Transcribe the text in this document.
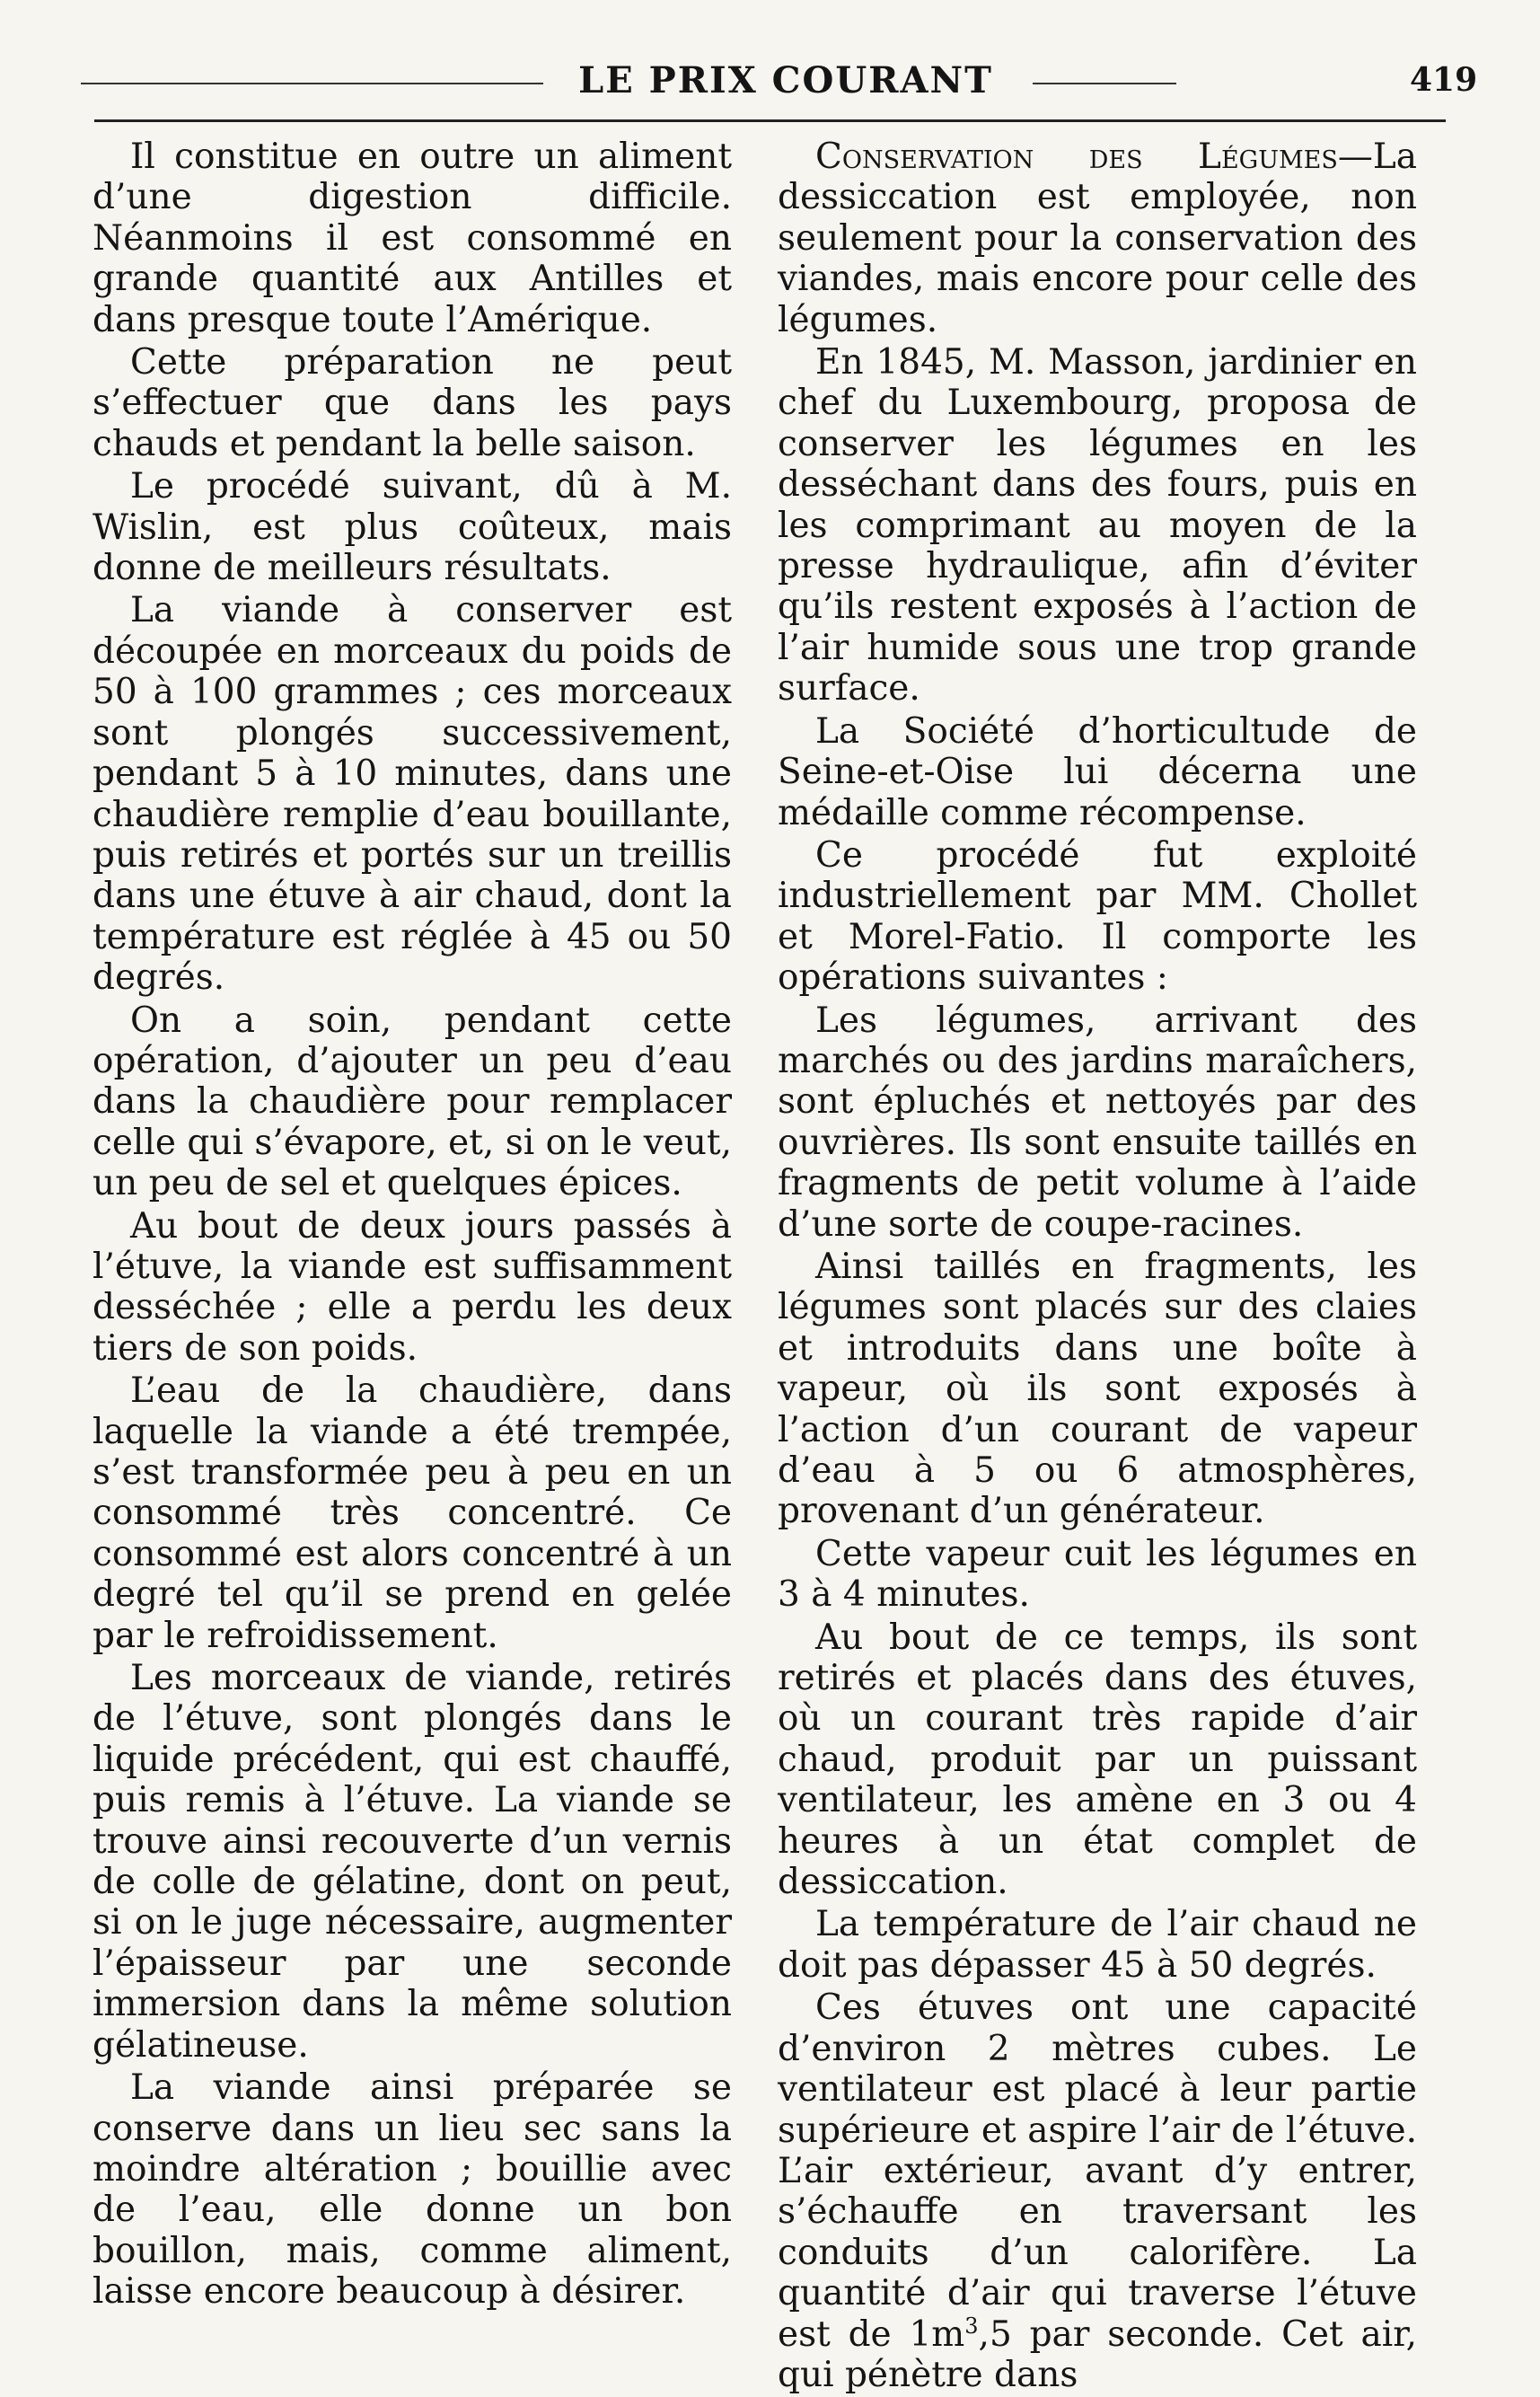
LE PRIX COURANT	419

Il constitue en outre un aliment d’une digestion difficile. Néanmoins il est consommé en grande quantité aux Antilles et dans presque toute l’Amérique.

Cette préparation ne peut s’effectuer que dans les pays chauds et pendant la belle saison.

Le procédé suivant, dû à M. Wislin, est plus coûteux, mais donne de meilleurs résultats.

La viande à conserver est découpée en morceaux du poids de 50 à 100 grammes ; ces morceaux sont plongés successivement, pendant 5 à 10 minutes, dans une chaudière remplie d’eau bouillante, puis retirés et portés sur un treillis dans une étuve à air chaud, dont la température est réglée à 45 ou 50 degrés.

On a soin, pendant cette opération, d’ajouter un peu d’eau dans la chaudière pour remplacer celle qui s’évapore, et, si on le veut, un peu de sel et quelques épices.

Au bout de deux jours passés à l’étuve, la viande est suffisamment desséchée ; elle a perdu les deux tiers de son poids.

L’eau de la chaudière, dans laquelle la viande a été trempée, s’est transformée peu à peu en un consommé très concentré. Ce consommé est alors concentré à un degré tel qu’il se prend en gelée par le refroidissement.

Les morceaux de viande, retirés de l’étuve, sont plongés dans le liquide précédent, qui est chauffé, puis remis à l’étuve. La viande se trouve ainsi recouverte d’un vernis de colle de gélatine, dont on peut, si on le juge nécessaire, augmenter l’épaisseur par une seconde immersion dans la même solution gélatineuse.

La viande ainsi préparée se conserve dans un lieu sec sans la moindre altération ; bouillie avec de l’eau, elle donne un bon bouillon, mais, comme aliment, laisse encore beaucoup à désirer.

Conservation des Légumes—La dessiccation est employée, non seulement pour la conservation des viandes, mais encore pour celle des légumes.

En 1845, M. Masson, jardinier en chef du Luxembourg, proposa de conserver les légumes en les desséchant dans des fours, puis en les comprimant au moyen de la presse hydraulique, afin d’éviter qu’ils restent exposés à l’action de l’air humide sous une trop grande surface.

La Société d’horticultude de Seine-et-Oise lui décerna une médaille comme récompense.

Ce procédé fut exploité industriellement par MM. Chollet et Morel-Fatio. Il comporte les opérations suivantes :

Les légumes, arrivant des marchés ou des jardins maraîchers, sont épluchés et nettoyés par des ouvrières. Ils sont ensuite taillés en fragments de petit volume à l’aide d’une sorte de coupe-racines.

Ainsi taillés en fragments, les légumes sont placés sur des claies et introduits dans une boîte à vapeur, où ils sont exposés à l’action d’un courant de vapeur d’eau à 5 ou 6 atmosphères, provenant d’un générateur.

Cette vapeur cuit les légumes en 3 à 4 minutes.

Au bout de ce temps, ils sont retirés et placés dans des étuves, où un courant très rapide d’air chaud, produit par un puissant ventilateur, les amène en 3 ou 4 heures à un état complet de dessiccation.

La température de l’air chaud ne doit pas dépasser 45 à 50 degrés.

Ces étuves ont une capacité d’environ 2 mètres cubes. Le ventilateur est placé à leur partie supérieure et aspire l’air de l’étuve. L’air extérieur, avant d’y entrer, s’échauffe en traversant les conduits d’un calorifère. La quantité d’air qui traverse l’étuve est de $1m^3,5$ par seconde. Cet air, qui pénètre dans
